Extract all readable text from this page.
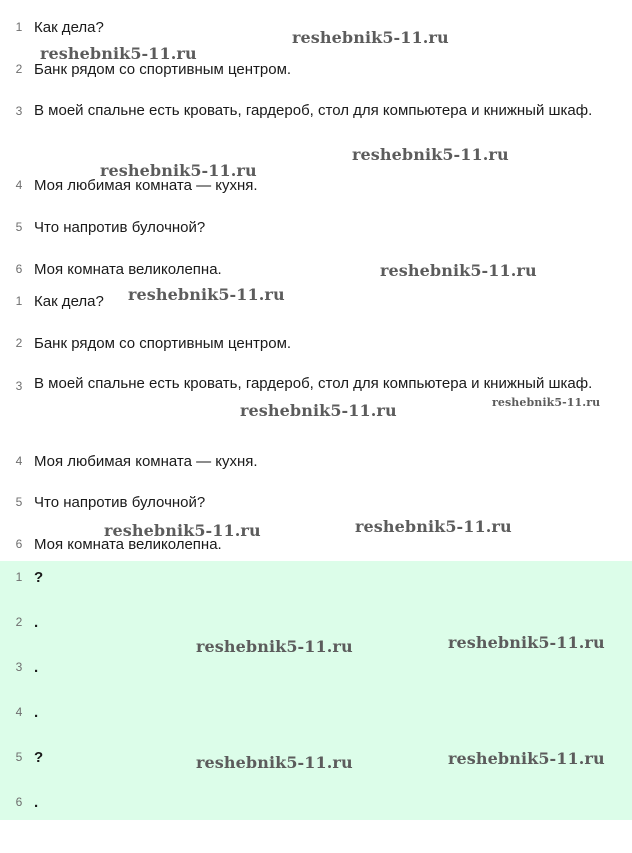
1 Как дела?
2 Банк рядом со спортивным центром.
3 В моей спальне есть кровать, гардероб, стол для компьютера и книжный шкаф.
4 Моя любимая комната — кухня.
5 Что напротив булочной?
6 Моя комната великолепна.
1 Как дела?
2 Банк рядом со спортивным центром.
3 В моей спальне есть кровать, гардероб, стол для компьютера и книжный шкаф.
4 Моя любимая комната — кухня.
5 Что напротив булочной?
6 Моя комната великолепна.
1 ?
2 .
3 .
4 .
5 ?
6 .
reshebnik5-11.ru
reshebnik5-11.ru
reshebnik5-11.ru
reshebnik5-11.ru
reshebnik5-11.ru
reshebnik5-11.ru
reshebnik5-11.ru
reshebnik5-11.ru
reshebnik5-11.ru
reshebnik5-11.ru
reshebnik5-11.ru
reshebnik5-11.ru
reshebnik5-11.ru
reshebnik5-11.ru
